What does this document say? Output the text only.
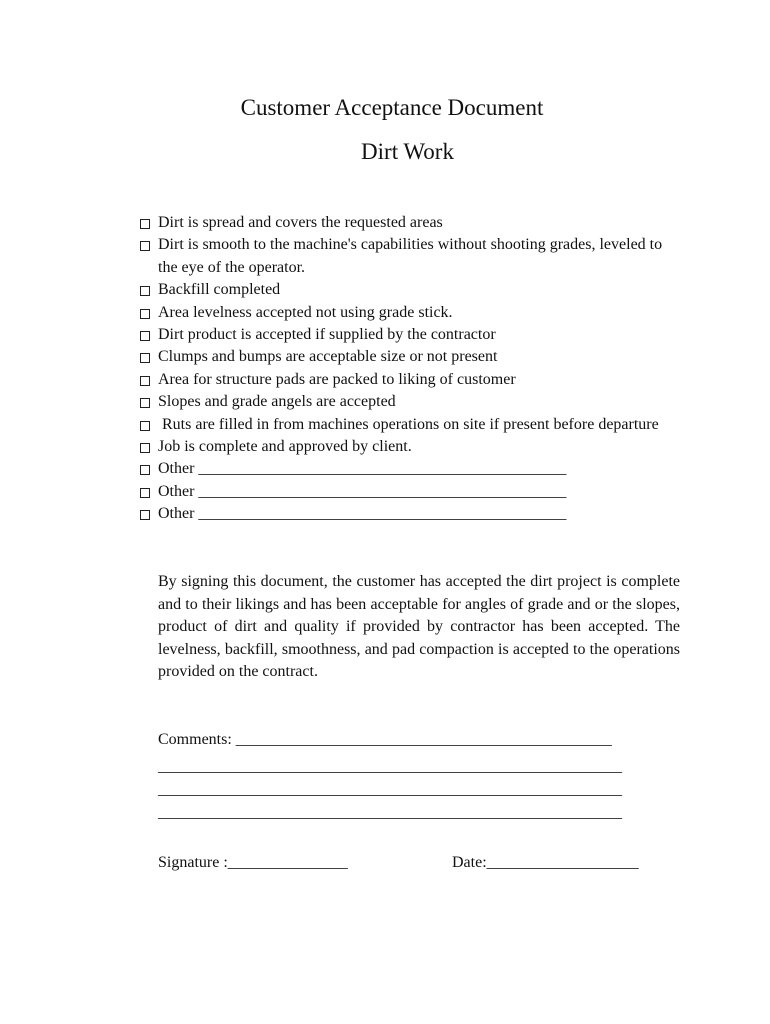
Customer Acceptance Document
Dirt Work
Dirt is spread and covers the requested areas
Dirt is smooth to the machine's capabilities without shooting grades, leveled to the eye of the operator.
Backfill completed
Area levelness accepted not using grade stick.
Dirt product is accepted if supplied by the contractor
Clumps and bumps are acceptable size or not present
Area for structure pads are packed to liking of customer
Slopes and grade angels are accepted
Ruts are filled in from machines operations on site if present before departure
Job is complete and approved by client.
Other ______________________________________________
Other ______________________________________________
Other ______________________________________________

By signing this document, the customer has accepted the dirt project is complete and to their likings and has been acceptable for angles of grade and or the slopes, product of dirt and quality if provided by contractor has been accepted. The levelness, backfill, smoothness, and pad compaction is accepted to the operations provided on the contract.

Comments: _______________________________________________
__________________________________________________________
__________________________________________________________
__________________________________________________________
Signature :_______________	Date:___________________
